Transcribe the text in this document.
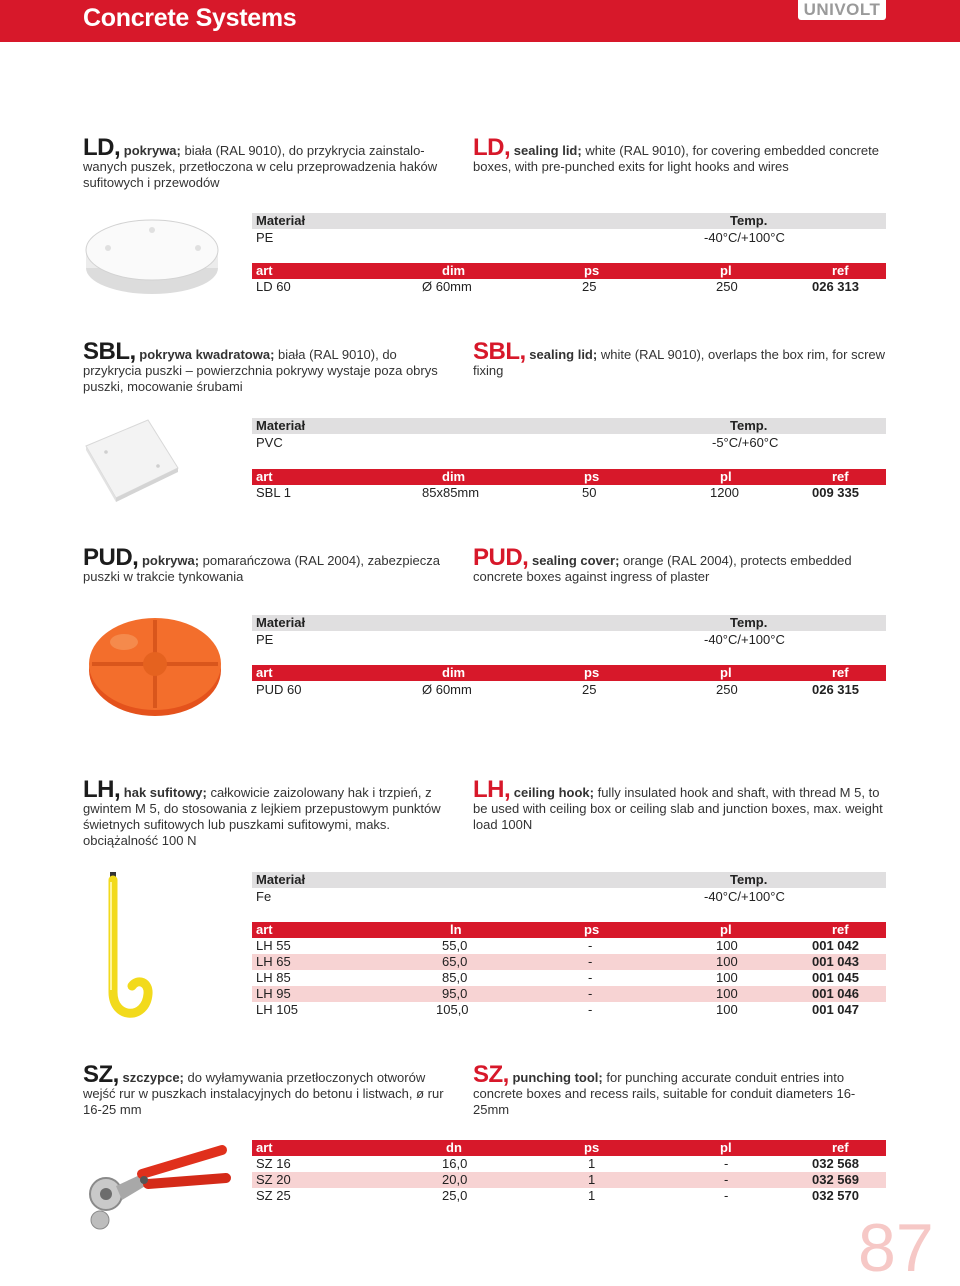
Concrete Systems	UNIVOLT
LD, pokrywa; biała (RAL 9010), do przykrycia zainstalowanych puszek, przetłoczona w celu przeprowadzenia haków sufitowych i przewodów
LD, sealing lid; white (RAL 9010), for covering embedded concrete boxes, with pre-punched exits for light hooks and wires
Materiał	Temp.
PE	-40°C/+100°C
art	dim	ps	pl	ref
LD 60	Ø 60mm	25	250	026 313
SBL, pokrywa kwadratowa; biała (RAL 9010), do przykrycia puszki – powierzchnia pokrywy wystaje poza obrys puszki, mocowanie śrubami
SBL, sealing lid; white (RAL 9010), overlaps the box rim, for screw fixing
Materiał	Temp.
PVC	-5°C/+60°C
art	dim	ps	pl	ref
SBL 1	85x85mm	50	1200	009 335
PUD, pokrywa; pomarańczowa (RAL 2004), zabezpiecza puszki w trakcie tynkowania
PUD, sealing cover; orange (RAL 2004), protects embedded concrete boxes against ingress of plaster
Materiał	Temp.
PE	-40°C/+100°C
art	dim	ps	pl	ref
PUD 60	Ø 60mm	25	250	026 315
LH, hak sufitowy; całkowicie zaizolowany hak i trzpień, z gwintem M 5, do stosowania z lejkiem przepustowym punktów świetnych sufitowych lub puszkami sufitowymi, maks. obciążalność 100 N
LH, ceiling hook; fully insulated hook and shaft, with thread M 5, to be used with ceiling box or ceiling slab and junction boxes, max. weight load 100N
Materiał	Temp.
Fe	-40°C/+100°C
art	ln	ps	pl	ref
LH 55	55,0	-	100	001 042
LH 65	65,0	-	100	001 043
LH 85	85,0	-	100	001 045
LH 95	95,0	-	100	001 046
LH 105	105,0	-	100	001 047
SZ, szczypce; do wyłamywania przetłoczonych otworów wejść rur w puszkach instalacyjnych do betonu i listwach, ø rur 16-25 mm
SZ, punching tool; for punching accurate conduit entries into concrete boxes and recess rails, suitable for conduit diameters 16-25mm
art	dn	ps	pl	ref
SZ 16	16,0	1	-	032 568
SZ 20	20,0	1	-	032 569
SZ 25	25,0	1	-	032 570
87
